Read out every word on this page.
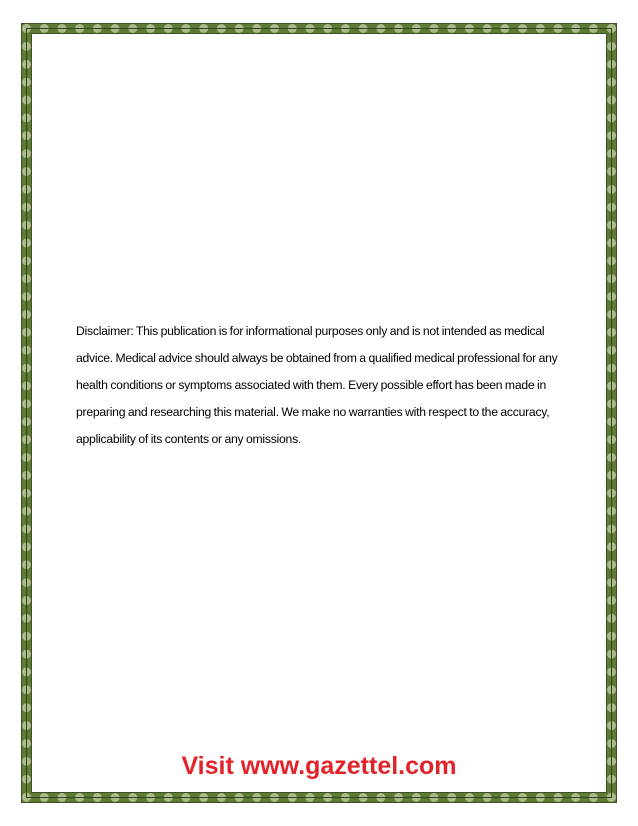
Disclaimer: This publication is for informational purposes only and is not intended as medical advice. Medical advice should always be obtained from a qualified medical professional for any health conditions or symptoms associated with them. Every possible effort has been made in preparing and researching this material. We make no warranties with respect to the accuracy, applicability of its contents or any omissions.

Visit www.gazettel.com
